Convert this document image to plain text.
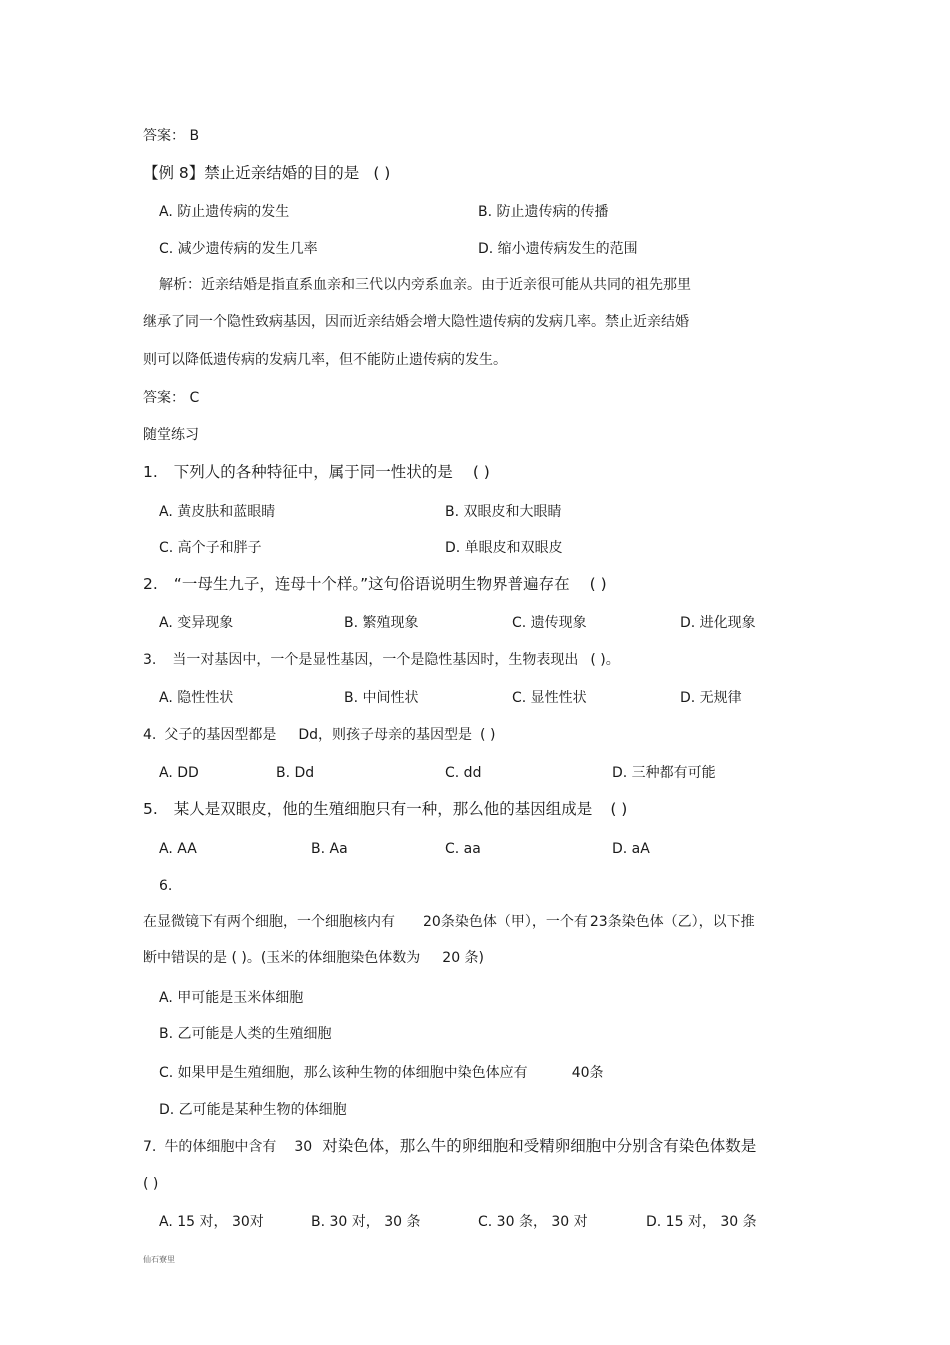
答案： B
【例 8】禁止近亲结婚的目的是 ( )
A. 防止遗传病的发生	B. 防止遗传病的传播
C. 减少遗传病的发生几率	D. 缩小遗传病发生的范围
解析：近亲结婚是指直系血亲和三代以内旁系血亲。由于近亲很可能从共同的祖先那里
继承了同一个隐性致病基因，因而近亲结婚会增大隐性遗传病的发病几率。禁止近亲结婚
则可以降低遗传病的发病几率，但不能防止遗传病的发生。
答案： C
随堂练习
1. 下列人的各种特征中，属于同一性状的是 ( )
A. 黄皮肤和蓝眼睛	B. 双眼皮和大眼睛
C. 高个子和胖子	D. 单眼皮和双眼皮
2. “一母生九子，连母十个样。”这句俗语说明生物界普遍存在 ( )
A. 变异现象	B. 繁殖现象	C. 遗传现象	D. 进化现象
3. 当一对基因中，一个是显性基因，一个是隐性基因时，生物表现出 ( )。
A. 隐性性状	B. 中间性状	C. 显性性状	D. 无规律
4. 父子的基因型都是 Dd，则孩子母亲的基因型是 ( )
A. DD	B. Dd	C. dd	D. 三种都有可能
5. 某人是双眼皮，他的生殖细胞只有一种，那么他的基因组成是 ( )
A. AA	B. Aa	C. aa	D. aA
6.
在显微镜下有两个细胞，一个细胞核内有 20条染色体（甲），一个有 23条染色体（乙），以下推
断中错误的是 ( )。(玉米的体细胞染色体数为 20 条)
A. 甲可能是玉米体细胞
B. 乙可能是人类的生殖细胞
C. 如果甲是生殖细胞，那么该种生物的体细胞中染色体应有	40条
D. 乙可能是某种生物的体细胞
7. 牛的体细胞中含有 30 对染色体，那么牛的卵细胞和受精卵细胞中分别含有染色体数是
( )
A. 15 对， 30对	B. 30 对， 30 条	C. 30 条， 30 对	D. 15 对， 30 条
仙石寮里
